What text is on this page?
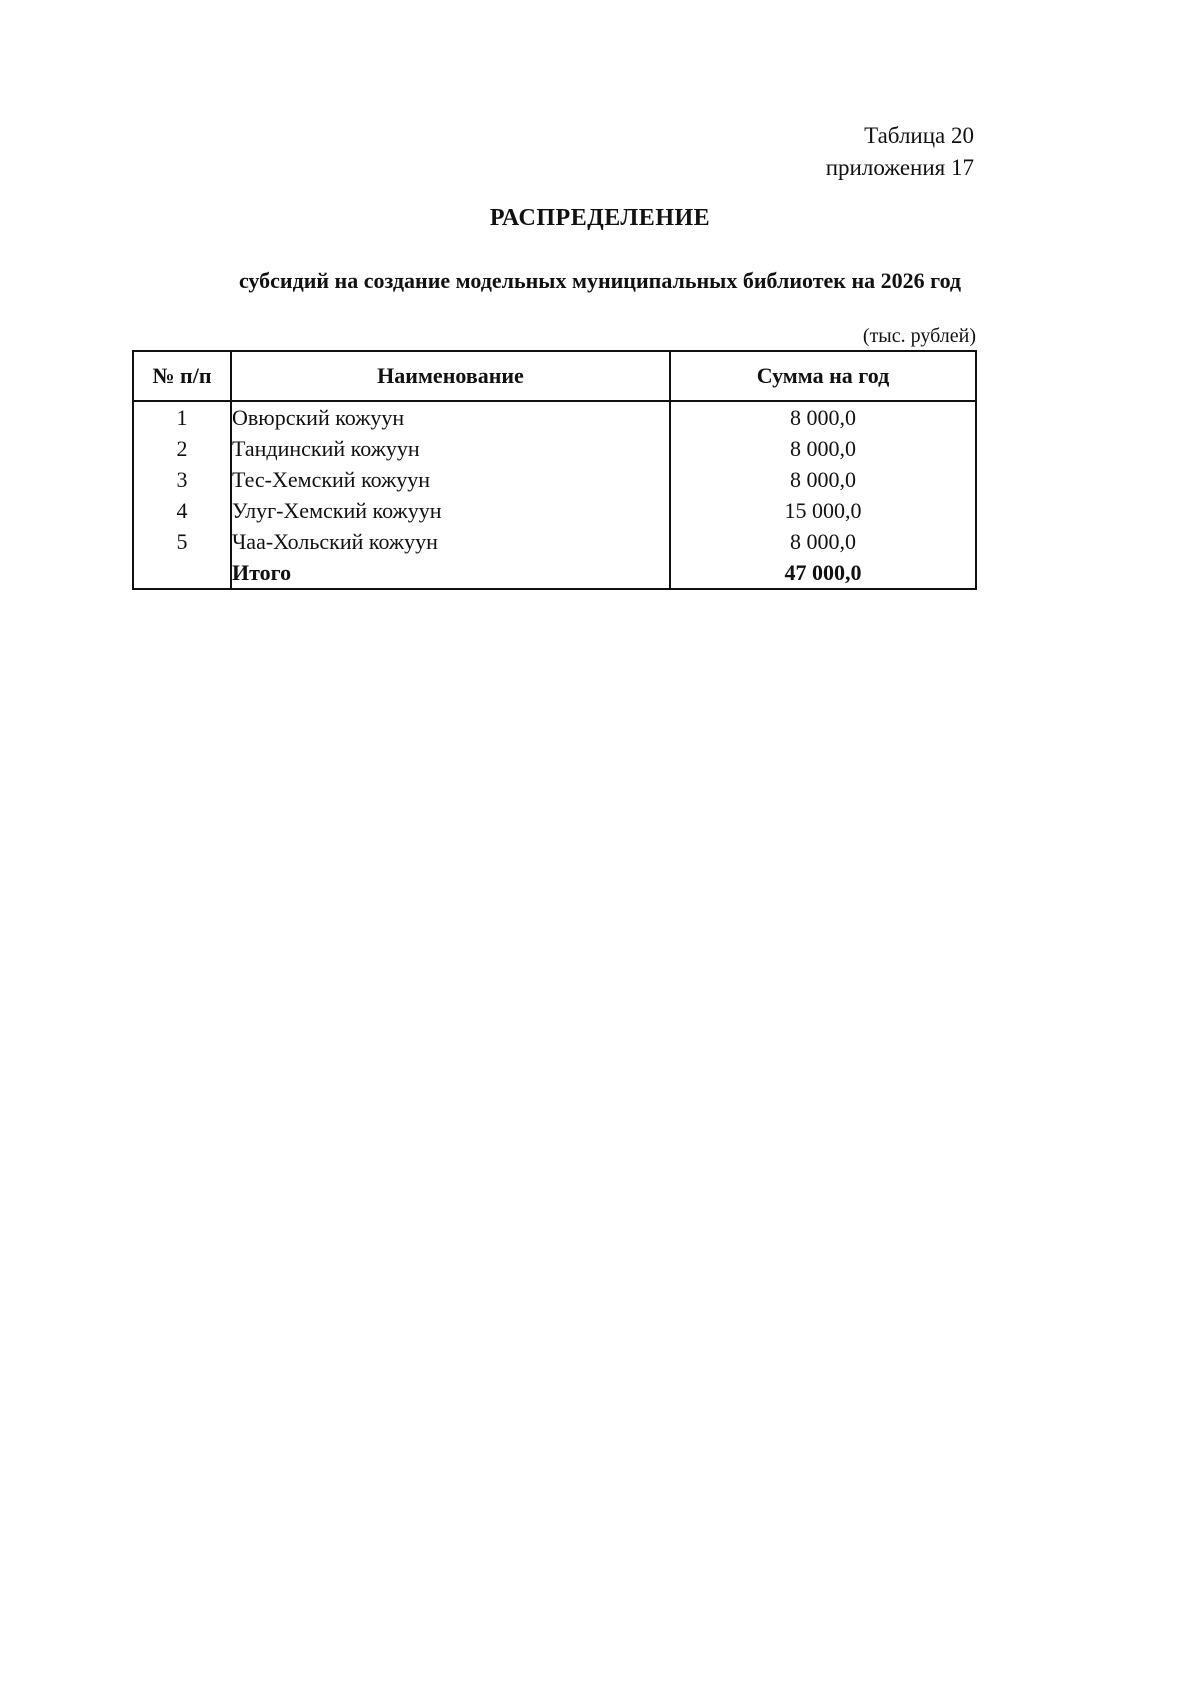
Таблица 20
приложения 17
РАСПРЕДЕЛЕНИЕ
субсидий на создание модельных муниципальных библиотек на 2026 год
(тыс. рублей)
№ п/п	Наименование	Сумма на год
1	Овюрский кожуун	8 000,0
2	Тандинский кожуун	8 000,0
3	Тес-Хемский кожуун	8 000,0
4	Улуг-Хемский кожуун	15 000,0
5	Чаа-Хольский кожуун	8 000,0
	Итого	47 000,0
